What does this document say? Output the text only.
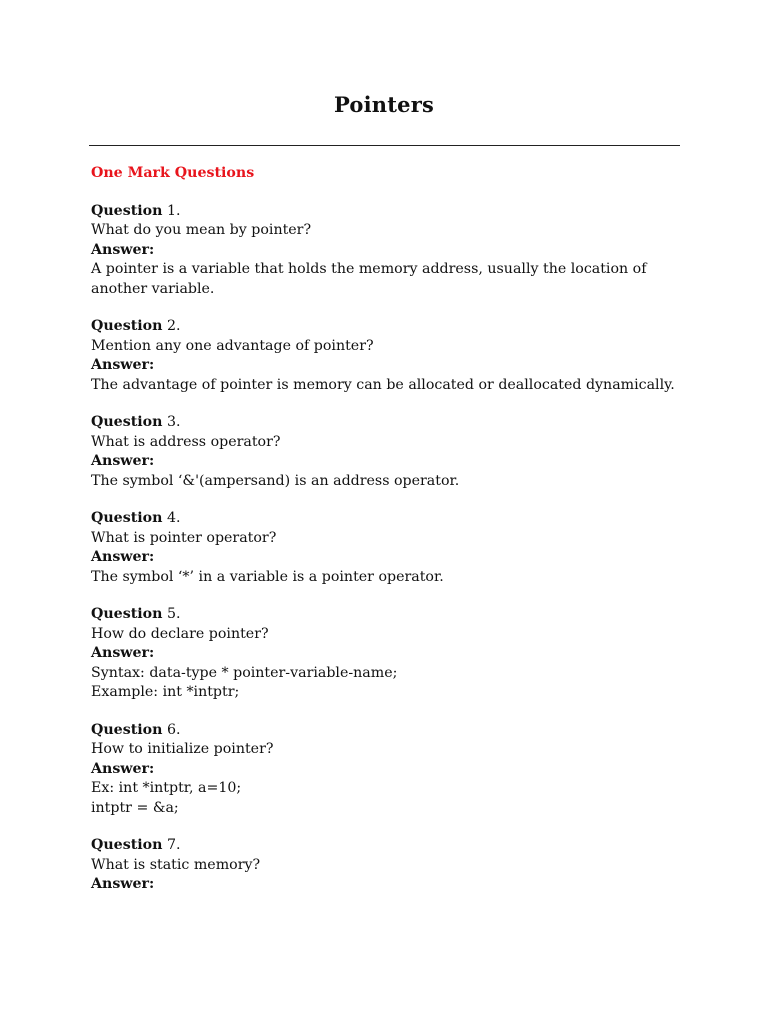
Pointers
One Mark Questions
Question 1.
What do you mean by pointer?
Answer:
A pointer is a variable that holds the memory address, usually the location of
another variable.
Question 2.
Mention any one advantage of pointer?
Answer:
The advantage of pointer is memory can be allocated or deallocated dynamically.
Question 3.
What is address operator?
Answer:
The symbol ‘&'(ampersand) is an address operator.
Question 4.
What is pointer operator?
Answer:
The symbol ‘*’ in a variable is a pointer operator.
Question 5.
How do declare pointer?
Answer:
Syntax: data-type * pointer-variable-name;
Example: int *intptr;
Question 6.
How to initialize pointer?
Answer:
Ex: int *intptr, a=10;
intptr = &a;
Question 7.
What is static memory?
Answer:
